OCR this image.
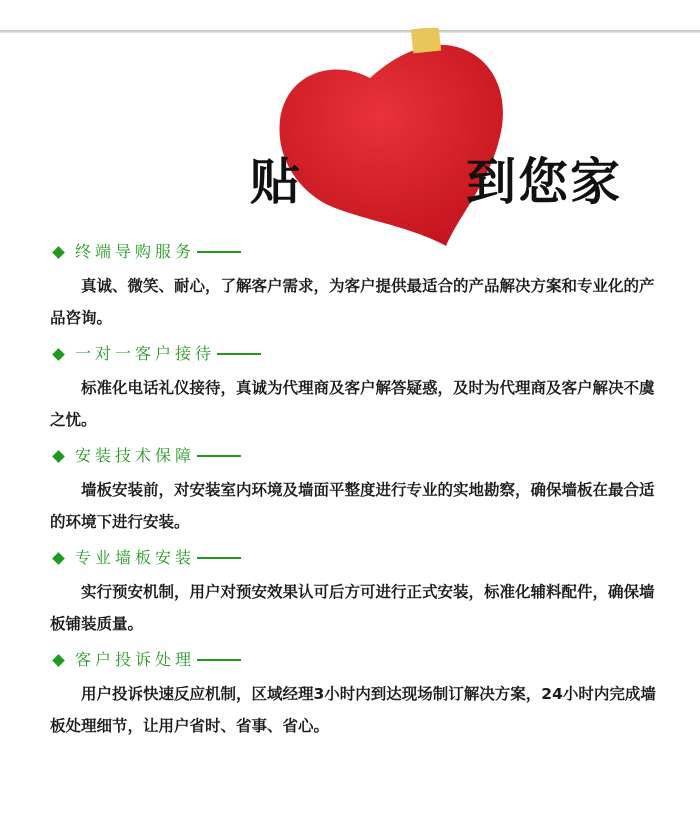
贴	到您家
终端导购服务

真诚、微笑、耐心，了解客户需求，为客户提供最适合的产品解决方案和专业化的产品咨询。

一对一客户接待

标准化电话礼仪接待，真诚为代理商及客户解答疑惑，及时为代理商及客户解决不虞之忧。

安装技术保障

墙板安装前，对安装室内环境及墙面平整度进行专业的实地勘察，确保墙板在最合适的环境下进行安装。

专业墙板安装

实行预安机制，用户对预安效果认可后方可进行正式安装，标准化辅料配件，确保墙板铺装质量。

客户投诉处理

用户投诉快速反应机制，区域经理3小时内到达现场制订解决方案，24小时内完成墙板处理细节，让用户省时、省事、省心。
